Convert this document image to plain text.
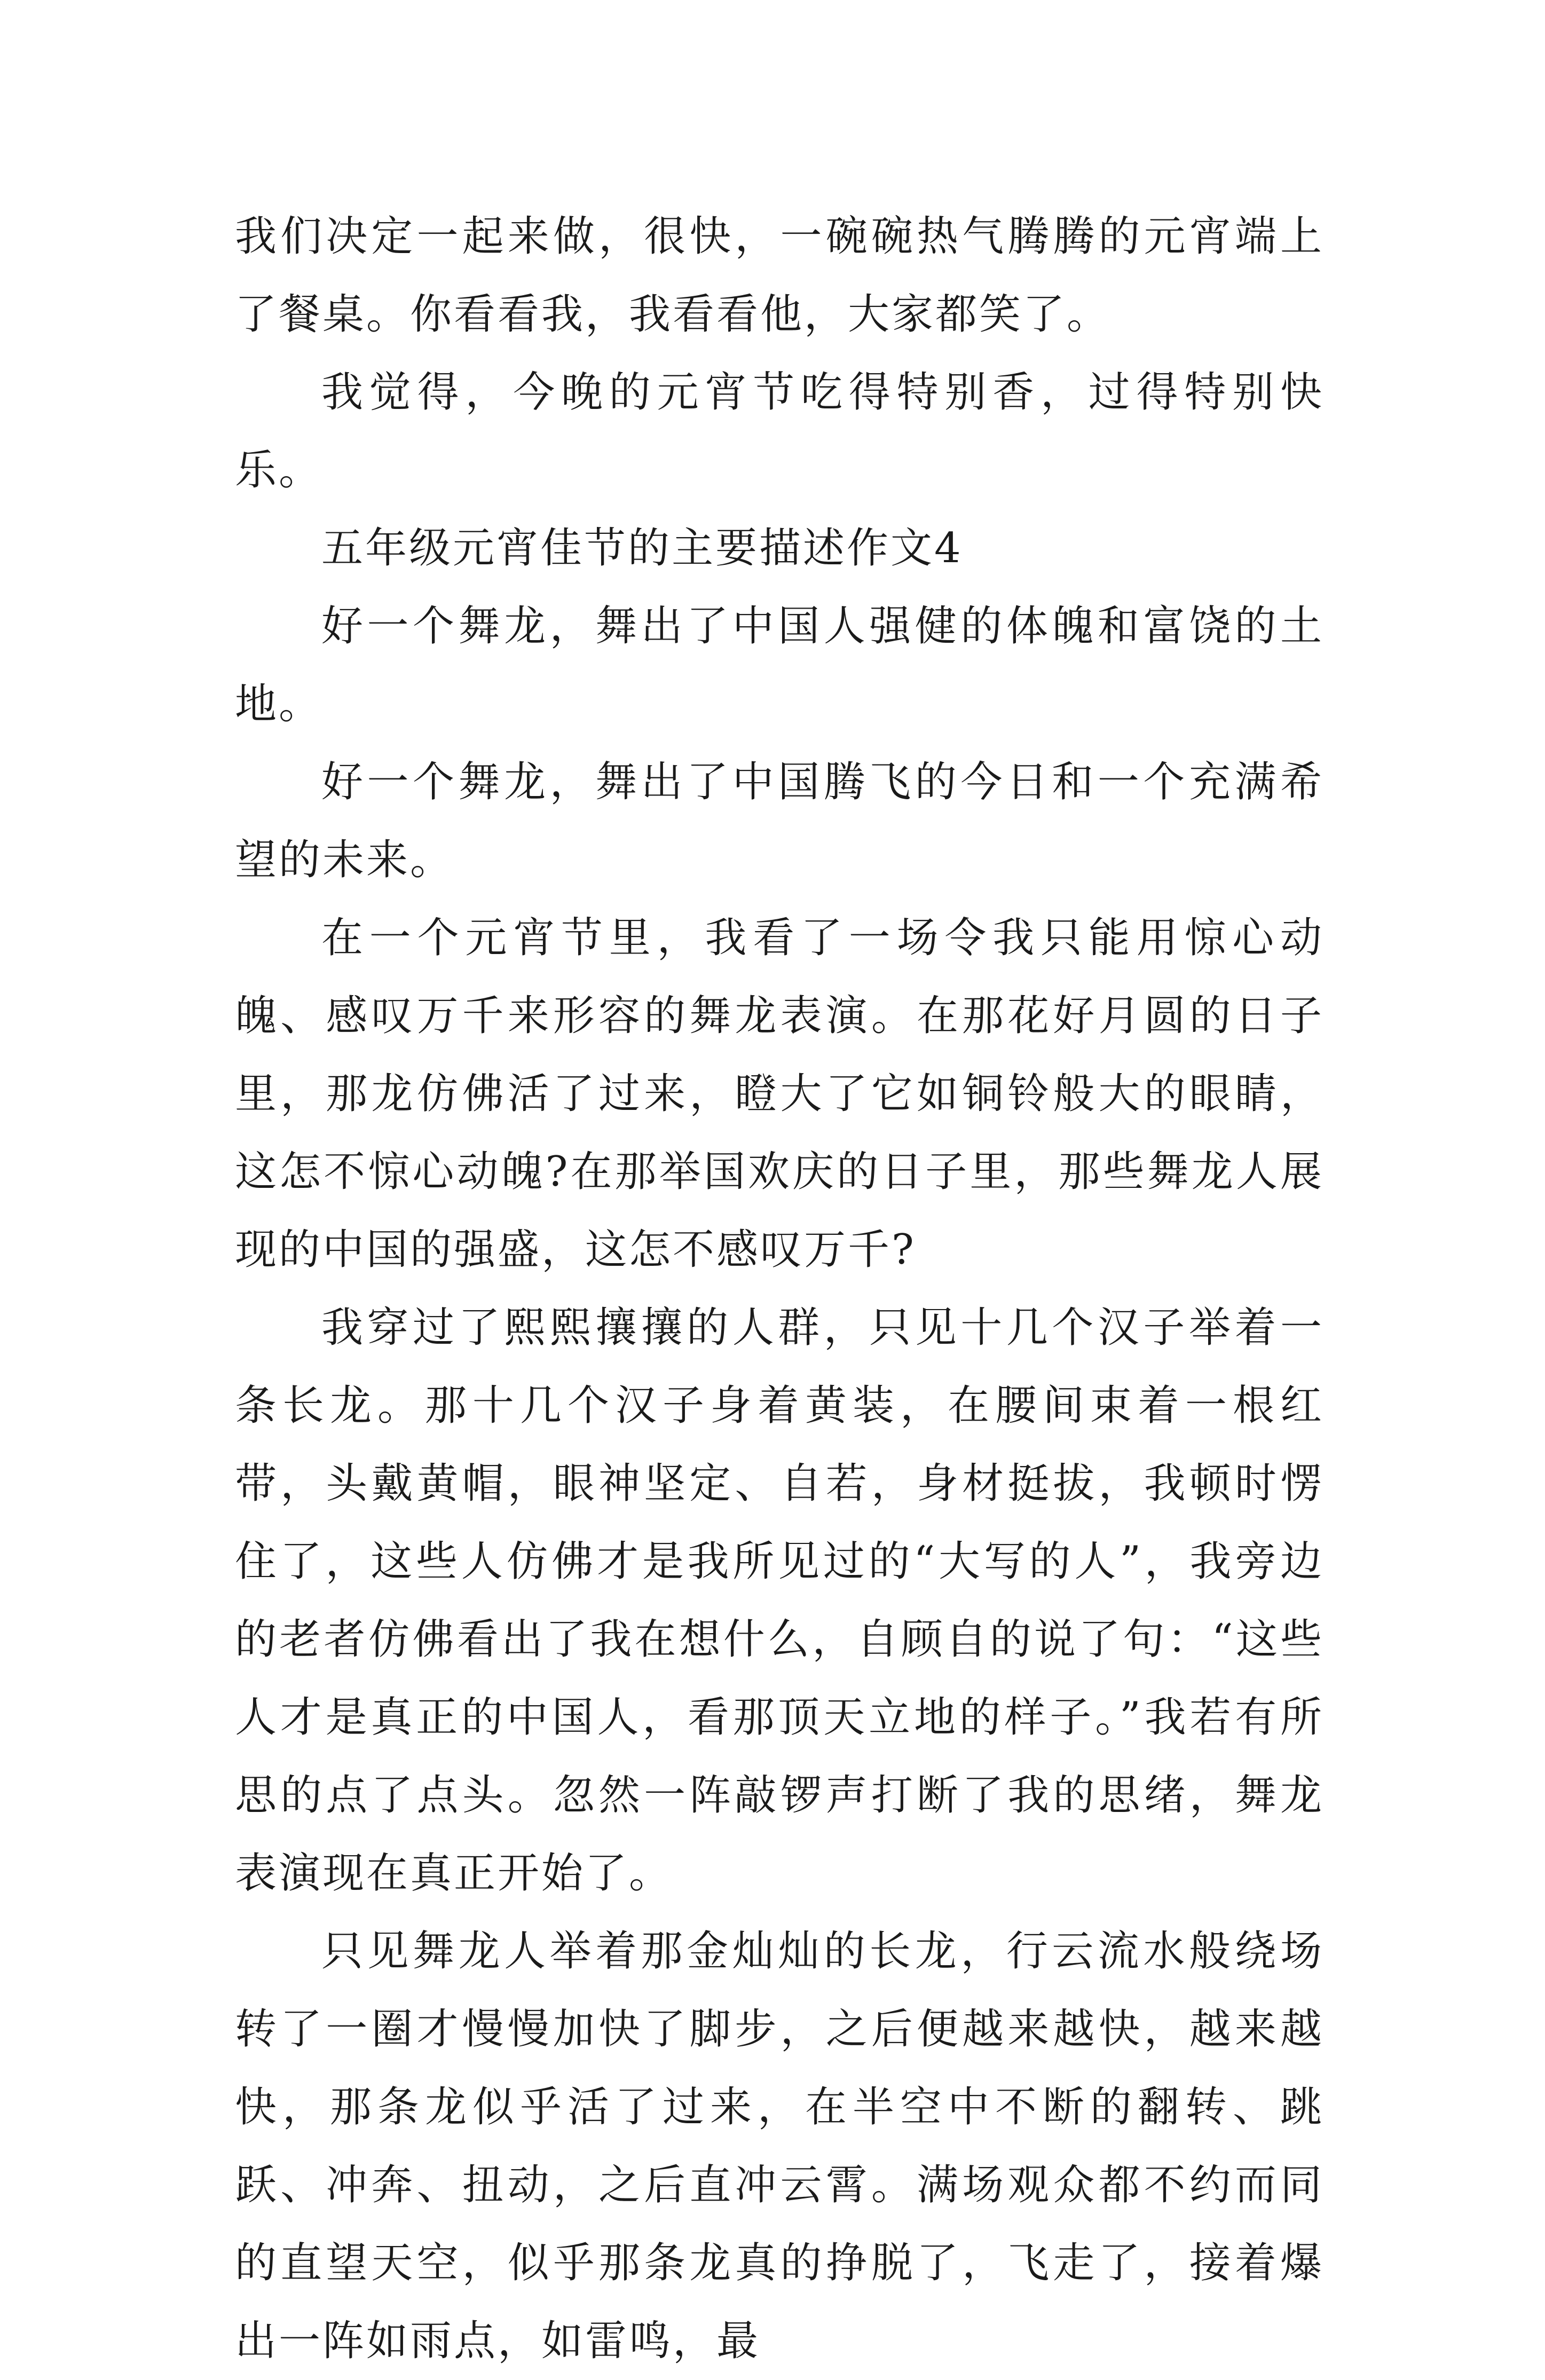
我们决定一起来做，很快，一碗碗热气腾腾的元宵端上了餐桌。你看看我，我看看他，大家都笑了。

我觉得，今晚的元宵节吃得特别香，过得特别快乐。

五年级元宵佳节的主要描述作文4

好一个舞龙，舞出了中国人强健的体魄和富饶的土地。

好一个舞龙，舞出了中国腾飞的今日和一个充满希望的未来。

在一个元宵节里，我看了一场令我只能用惊心动魄、感叹万千来形容的舞龙表演。在那花好月圆的日子里，那龙仿佛活了过来，瞪大了它如铜铃般大的眼睛，这怎不惊心动魄?在那举国欢庆的日子里，那些舞龙人展现的中国的强盛，这怎不感叹万千?

我穿过了熙熙攘攘的人群，只见十几个汉子举着一条长龙。那十几个汉子身着黄装，在腰间束着一根红带，头戴黄帽，眼神坚定、自若，身材挺拔，我顿时愣住了，这些人仿佛才是我所见过的“大写的人”，我旁边的老者仿佛看出了我在想什么，自顾自的说了句：“这些人才是真正的中国人，看那顶天立地的样子。”我若有所思的点了点头。忽然一阵敲锣声打断了我的思绪，舞龙表演现在真正开始了。

只见舞龙人举着那金灿灿的长龙，行云流水般绕场转了一圈才慢慢加快了脚步，之后便越来越快，越来越快，那条龙似乎活了过来，在半空中不断的翻转、跳跃、冲奔、扭动，之后直冲云霄。满场观众都不约而同的直望天空，似乎那条龙真的挣脱了，飞走了，接着爆出一阵如雨点，如雷鸣，最
